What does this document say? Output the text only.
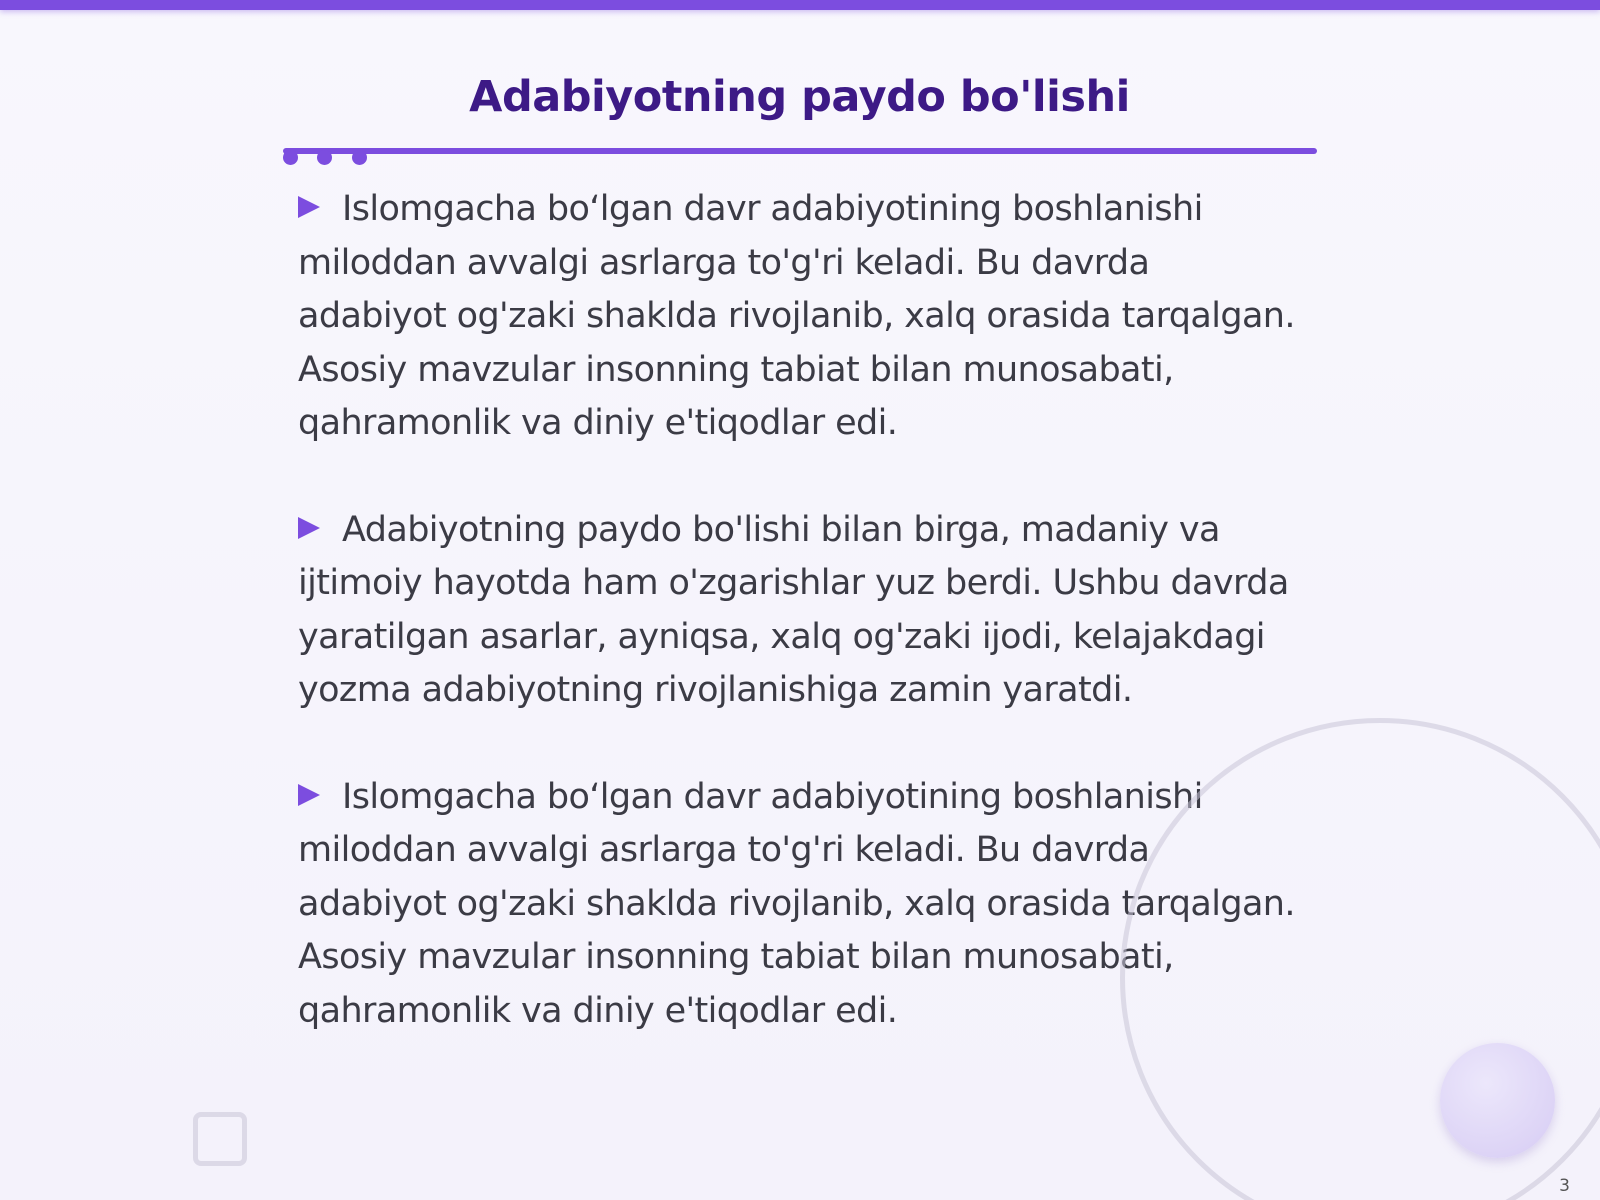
Adabiyotning paydo bo'lishi

Islomgacha boʻlgan davr adabiyotining boshlanishi miloddan avvalgi asrlarga to'g'ri keladi. Bu davrda adabiyot og'zaki shaklda rivojlanib, xalq orasida tarqalgan. Asosiy mavzular insonning tabiat bilan munosabati, qahramonlik va diniy e'tiqodlar edi.

Adabiyotning paydo bo'lishi bilan birga, madaniy va ijtimoiy hayotda ham o'zgarishlar yuz berdi. Ushbu davrda yaratilgan asarlar, ayniqsa, xalq og'zaki ijodi, kelajakdagi yozma adabiyotning rivojlanishiga zamin yaratdi.

Islomgacha boʻlgan davr adabiyotining boshlanishi miloddan avvalgi asrlarga to'g'ri keladi. Bu davrda adabiyot og'zaki shaklda rivojlanib, xalq orasida tarqalgan. Asosiy mavzular insonning tabiat bilan munosabati, qahramonlik va diniy e'tiqodlar edi.

3
